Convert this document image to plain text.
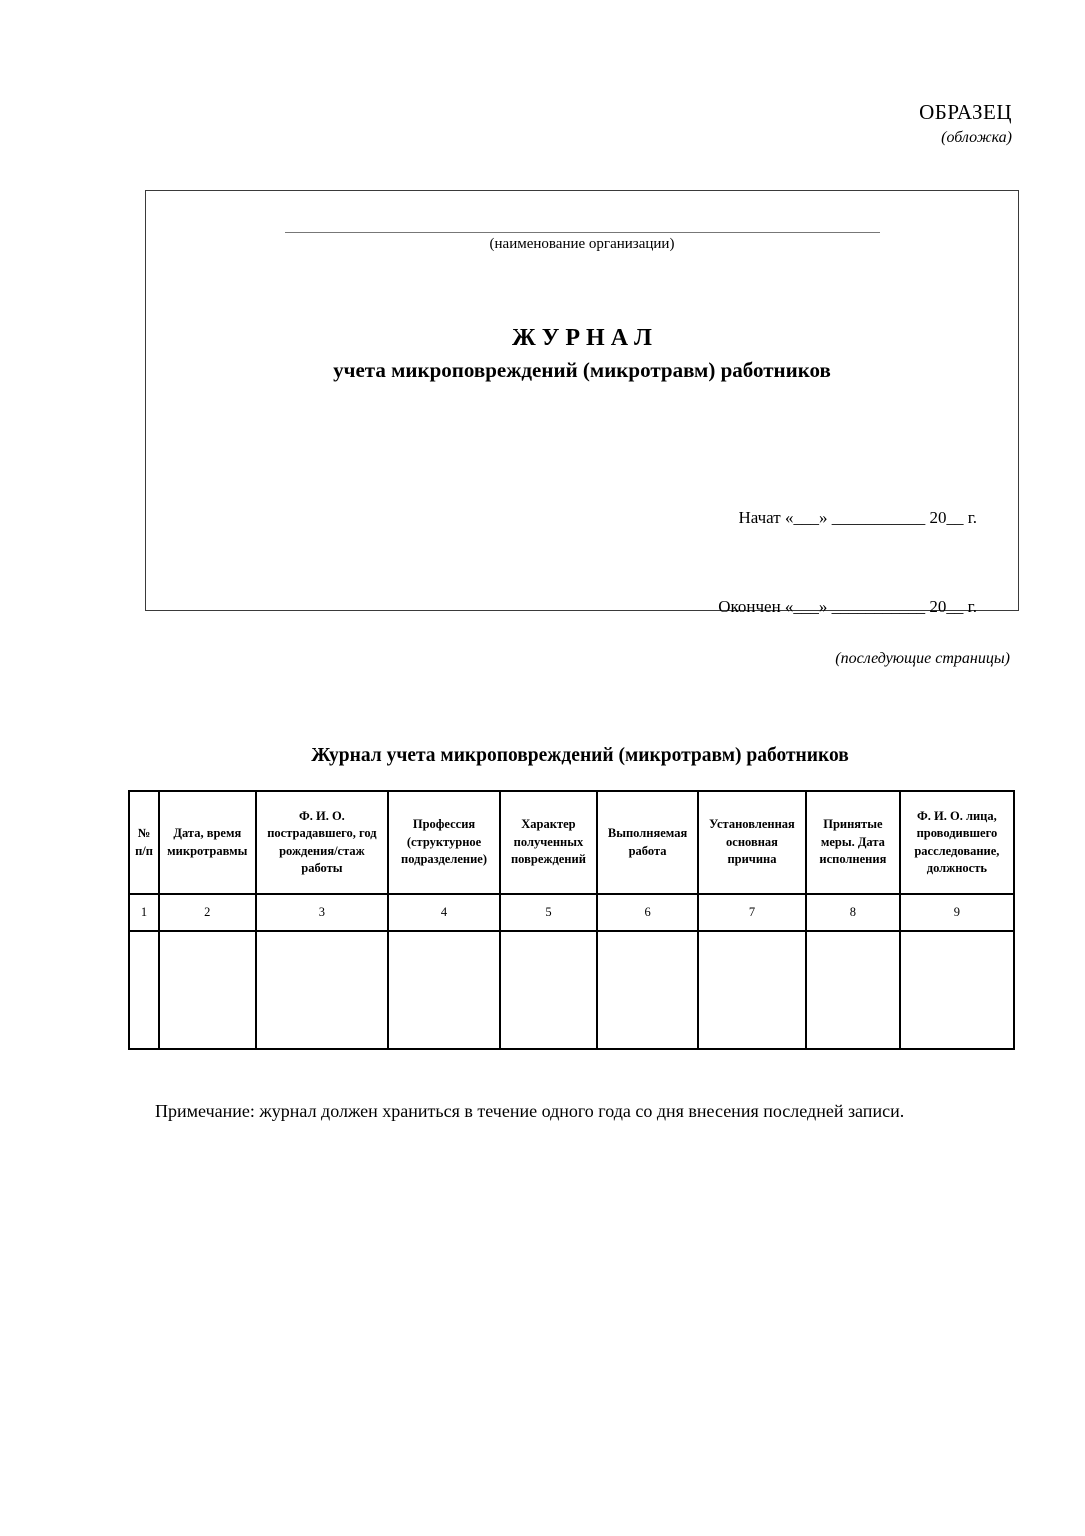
ОБРАЗЕЦ
(обложка)
(наименование организации)
Ж У Р Н А Л
учета микроповреждений (микротравм) работников

Начат «___» ___________ 20__ г.

Окончен «___» ___________ 20__ г.

(последующие страницы)
Журнал учета микроповреждений (микротравм) работников
№ п/п	Дата, время микротравмы	Ф. И. О. пострадавшего, год рождения/стаж работы	Профессия (структурное подразделение)	Характер полученных повреждений	Выполняемая работа	Установленная основная причина	Принятые меры. Дата исполнения	Ф. И. О. лица, проводившего расследование, должность
1	2	3	4	5	6	7	8	9

Примечание: журнал должен храниться в течение одного года со дня внесения последней записи.
